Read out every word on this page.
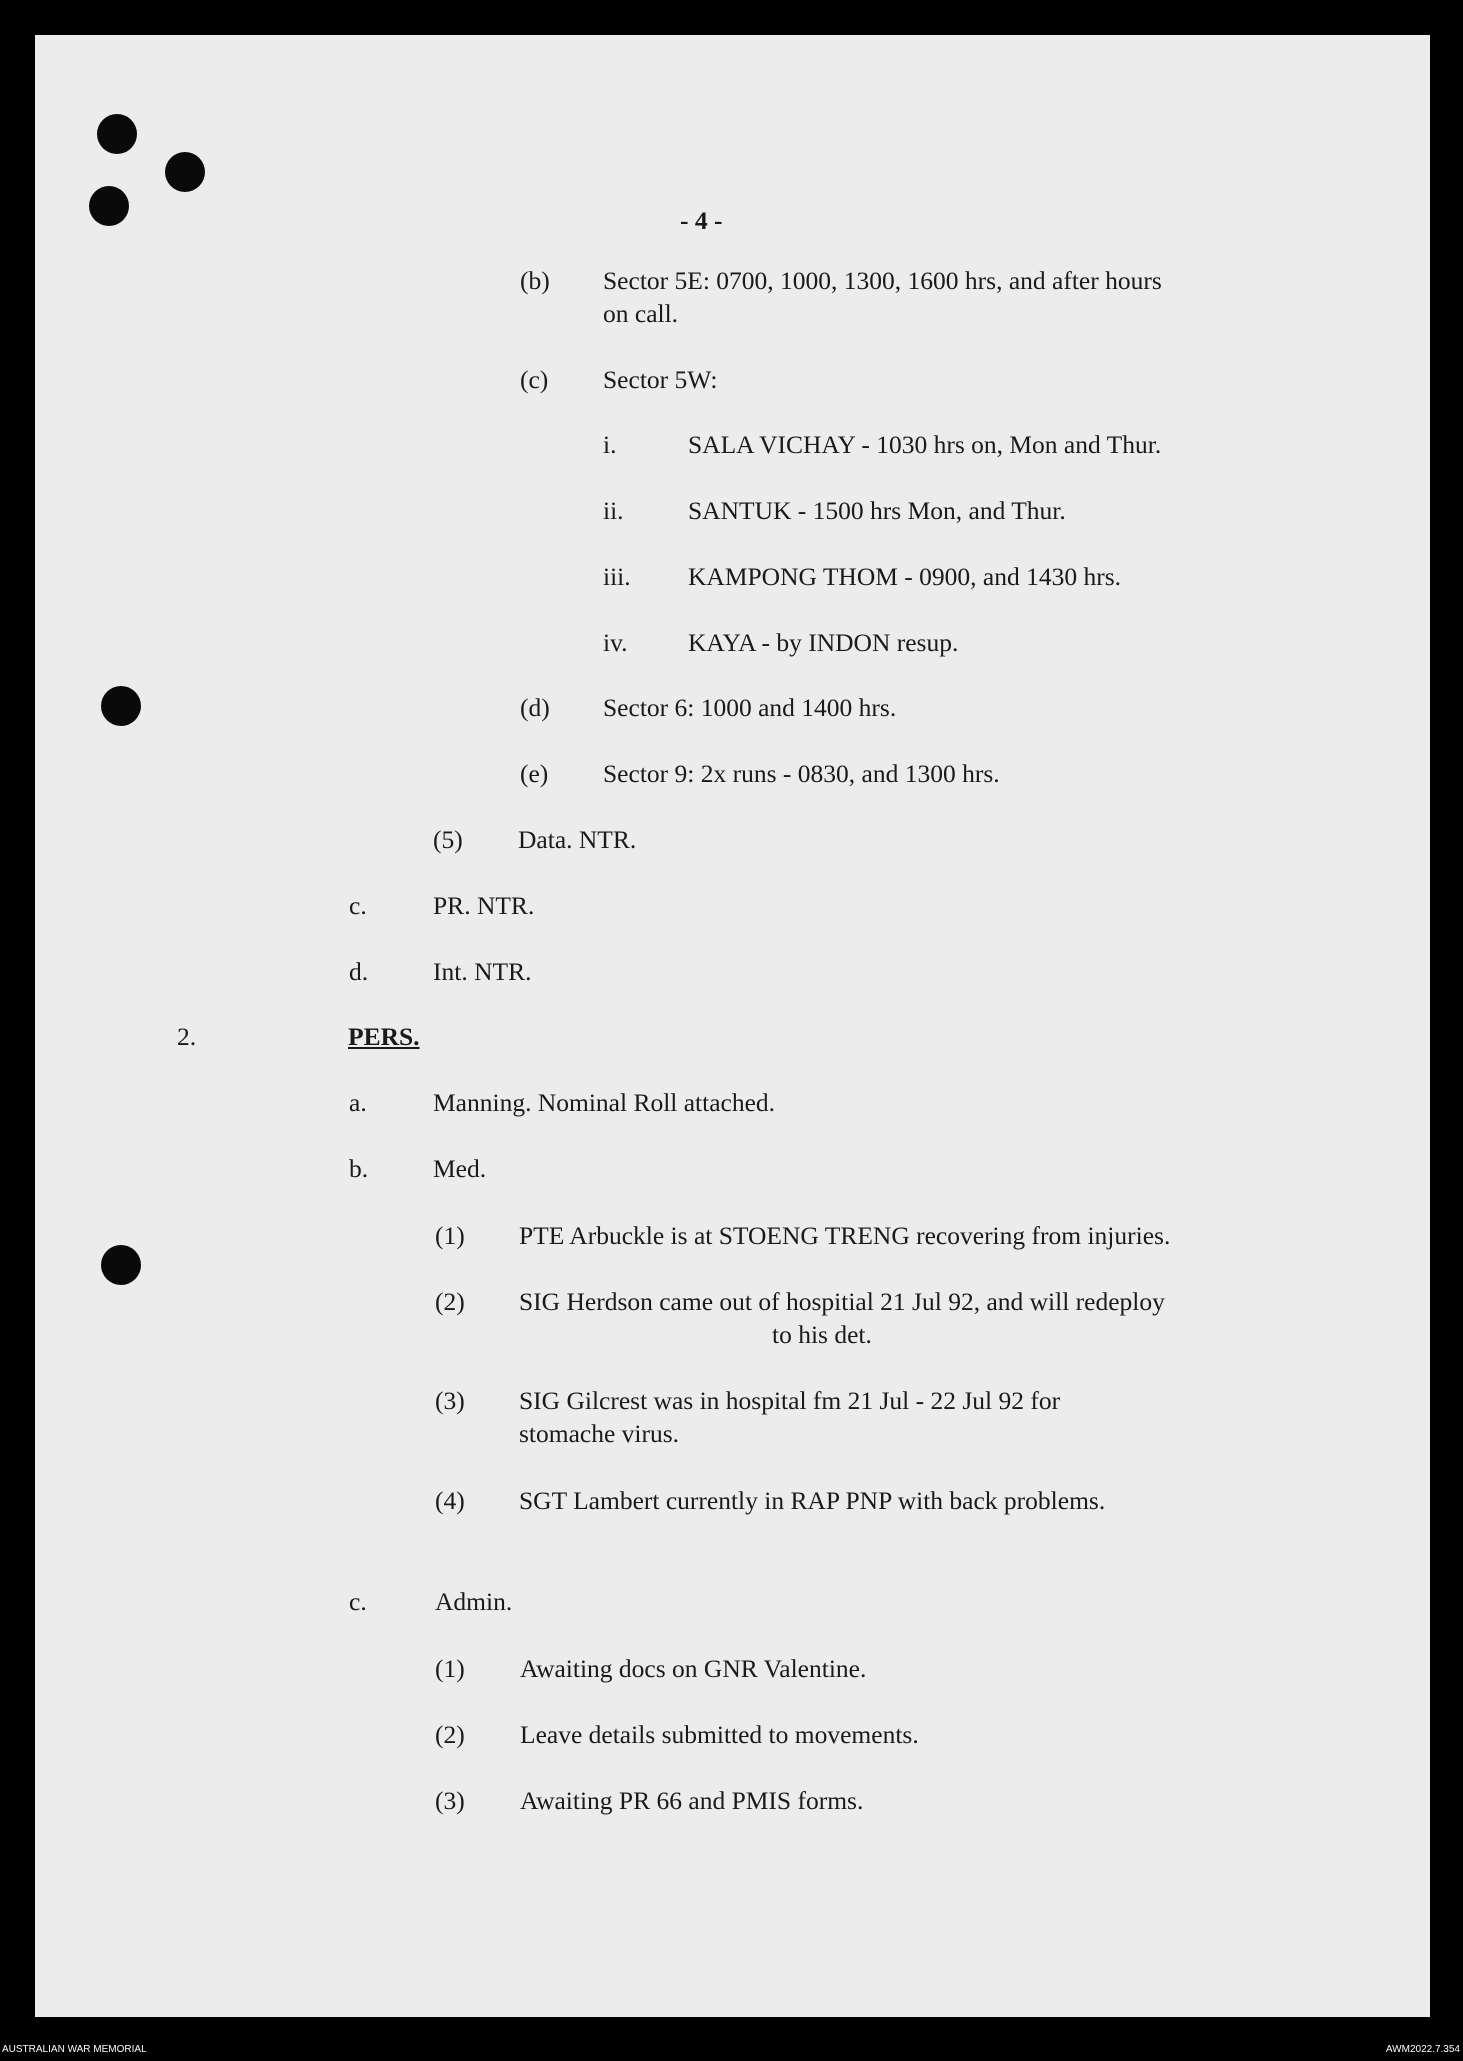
- 4 -
(b) Sector 5E: 0700, 1000, 1300, 1600 hrs, and after hours
on call.
(c) Sector 5W:
i.	SALA VICHAY - 1030 hrs on, Mon and Thur.
ii.	SANTUK - 1500 hrs Mon, and Thur.
iii. KAMPONG THOM - 0900, and 1430 hrs.
iv. KAYA - by INDON resup.
(d) Sector 6: 1000 and 1400 hrs.
(e) Sector 9: 2x runs - 0830, and 1300 hrs.
(5) Data. NTR.
c.	PR. NTR.
d.	Int. NTR.
2.	PERS.
a.	Manning. Nominal Roll attached.
b.	Med.
(1) PTE Arbuckle is at STOENG TRENG recovering from injuries.
(2) SIG Herdson came out of hospitial 21 Jul 92, and will redeploy
to his det.
(3) SIG Gilcrest was in hospital fm 21 Jul - 22 Jul 92 for
stomache virus.
(4) SGT Lambert currently in RAP PNP with back problems.
c.	Admin.
(1) Awaiting docs on GNR Valentine.
(2) Leave details submitted to movements.
(3) Awaiting PR 66 and PMIS forms.
AUSTRALIAN WAR MEMORIAL	AWM2022.7.354
